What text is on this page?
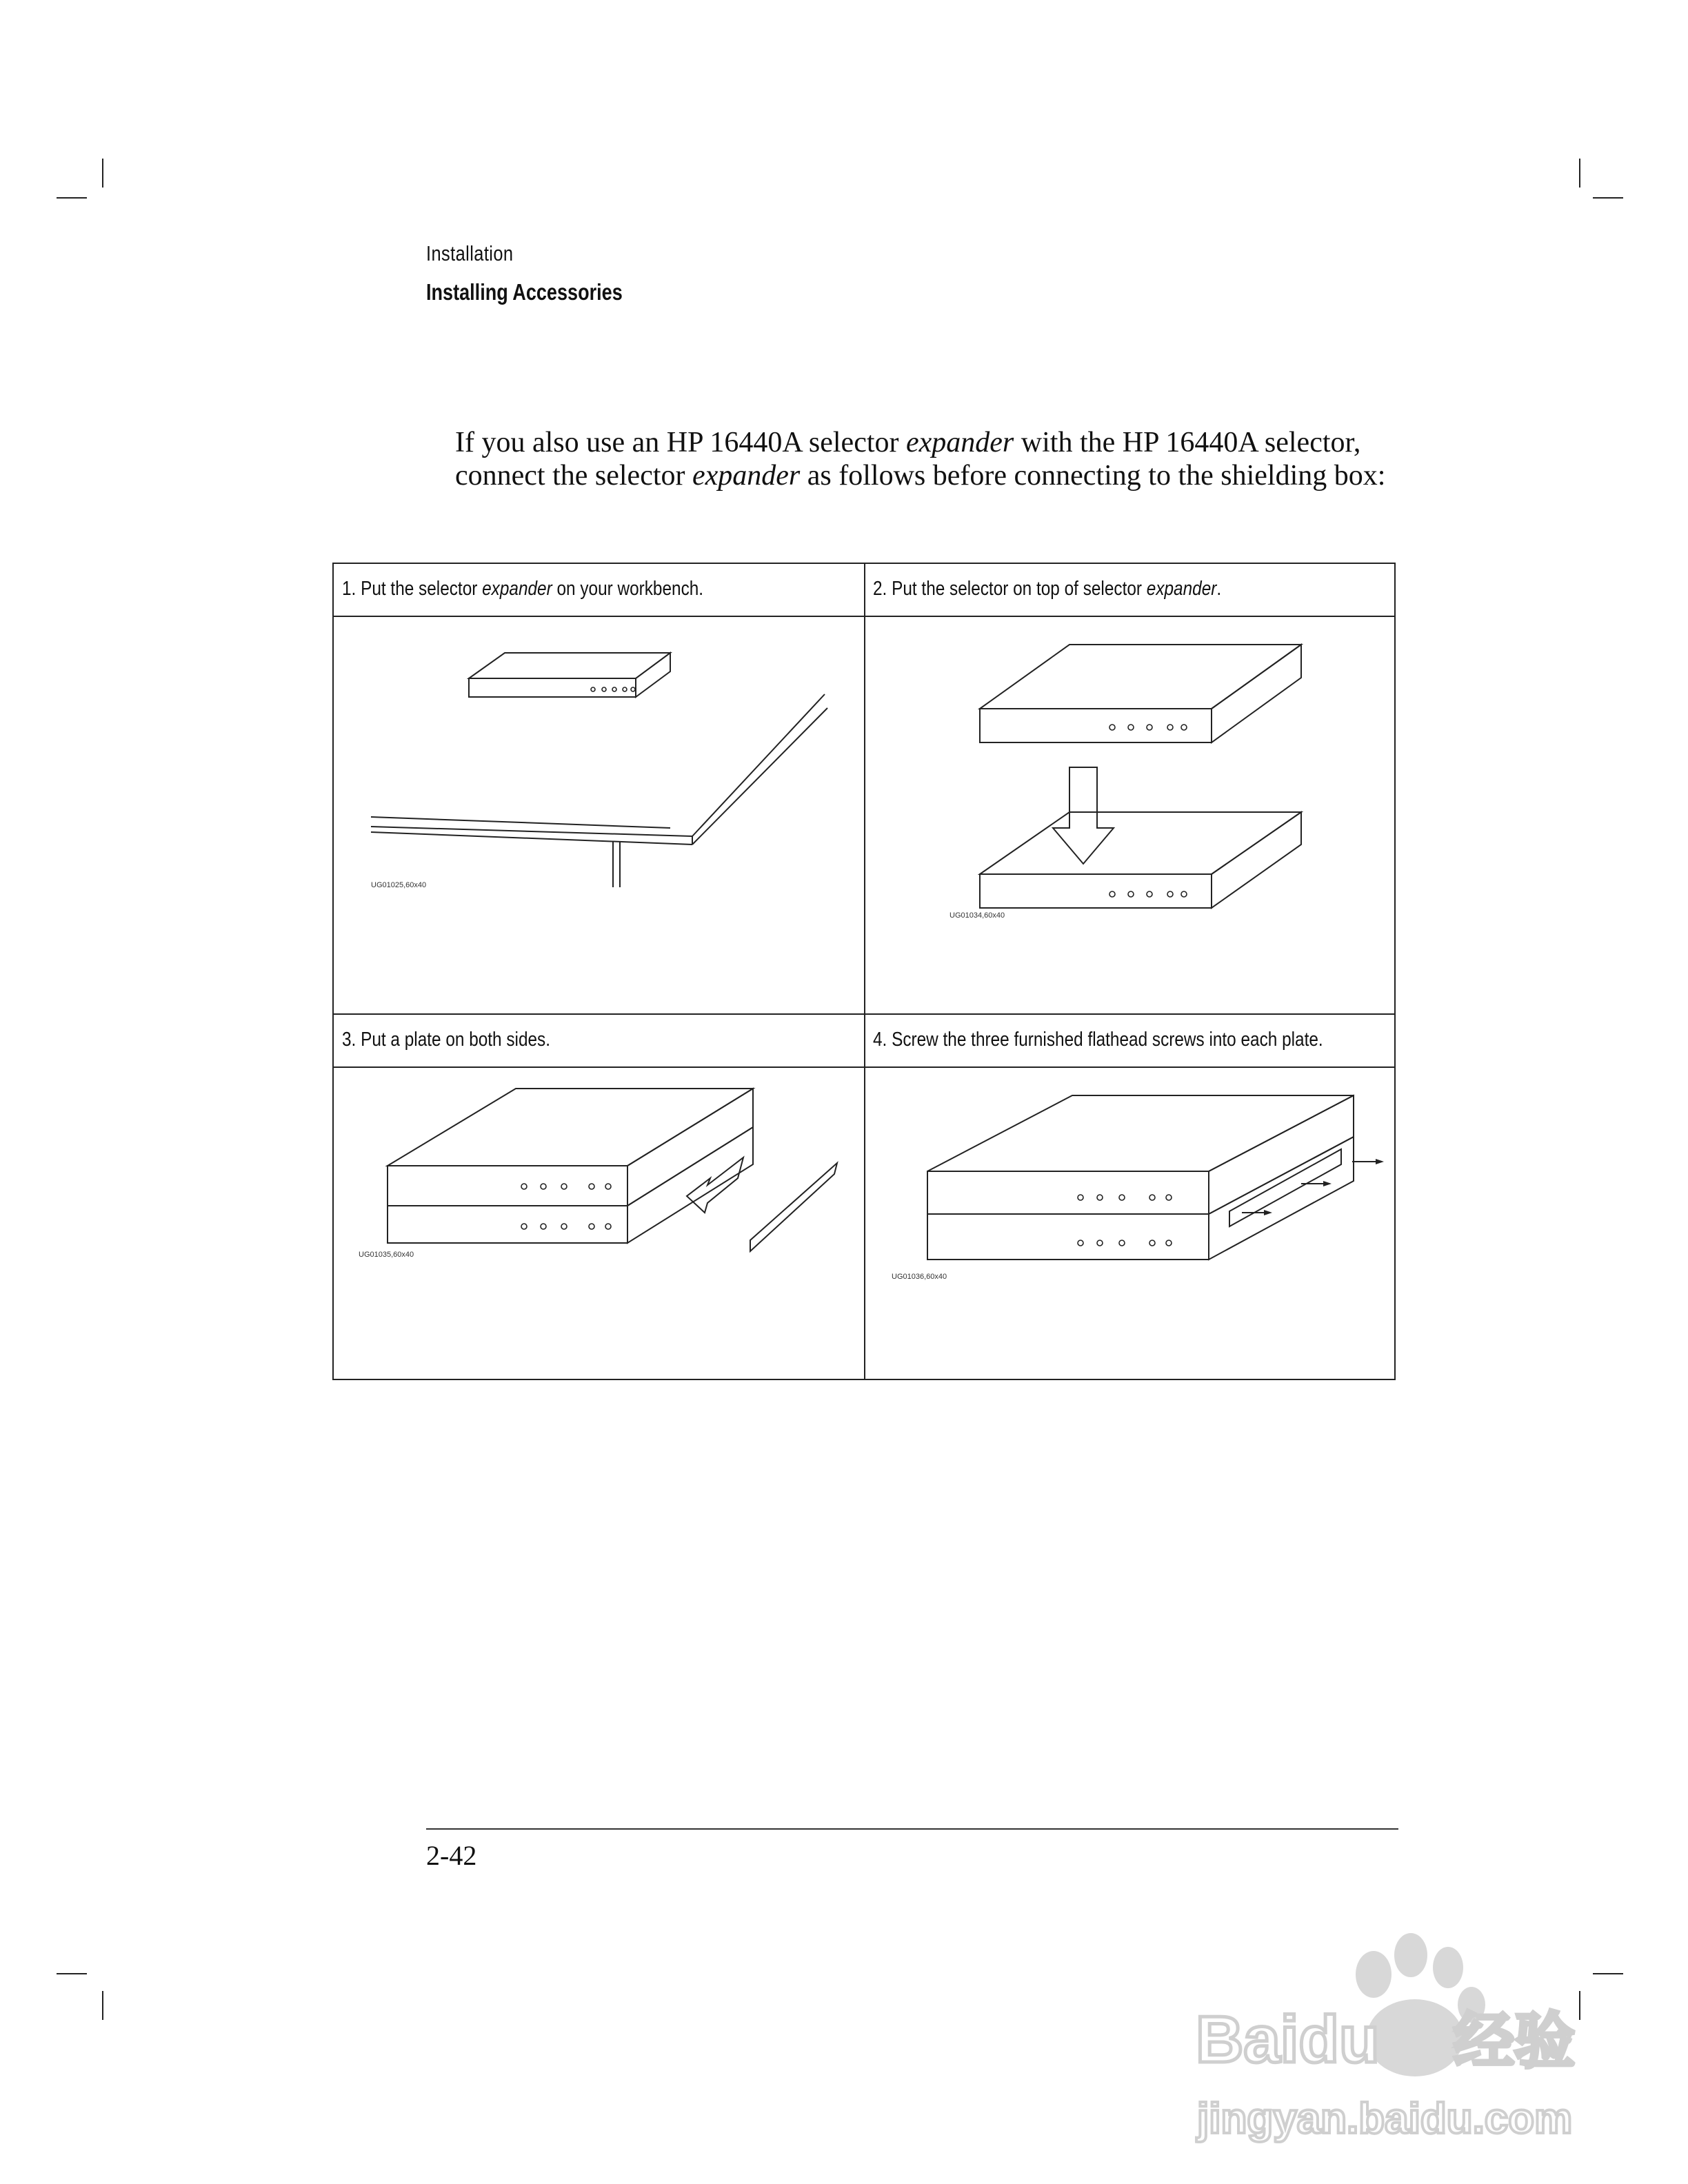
Installation
Installing Accessories
If you also use an HP 16440A selector expander with the HP 16440A selector, connect the selector expander as follows before connecting to the shielding box:
1. Put the selector expander on your workbench.	2. Put the selector on top of selector expander.
3. Put a plate on both sides.	4. Screw the three furnished flathead screws into each plate.
UG01025,60x40
UG01034,60x40
UG01035,60x40
UG01036,60x40
2-42
Baidu 经验
jingyan.baidu.com
